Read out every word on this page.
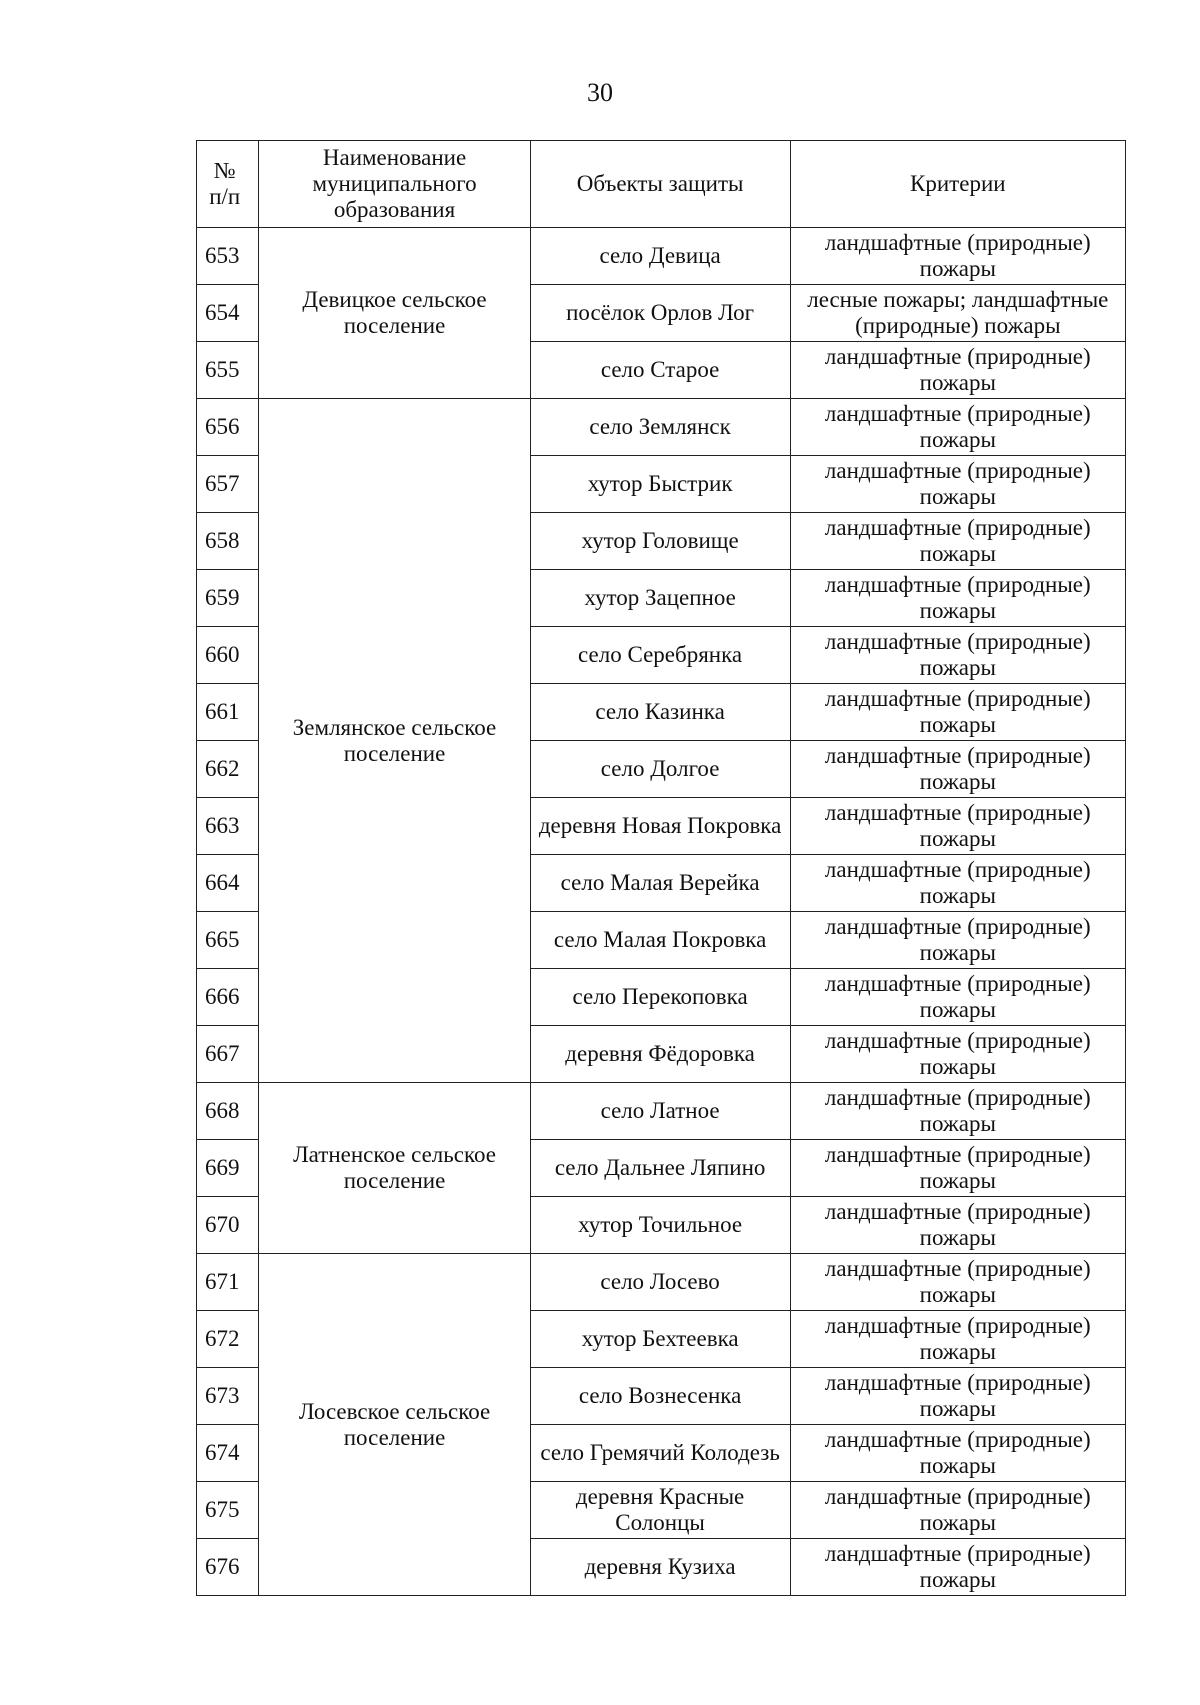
30
№
п/п	Наименование муниципального образования	Объекты защиты	Критерии
653	Девицкое сельское поселение	село Девица	ландшафтные (природные) пожары
654		посёлок Орлов Лог	лесные пожары; ландшафтные (природные) пожары
655		село Старое	ландшафтные (природные) пожары
656	Землянское сельское поселение	село Землянск	ландшафтные (природные) пожары
657		хутор Быстрик	ландшафтные (природные) пожары
658		хутор Головище	ландшафтные (природные) пожары
659		хутор Зацепное	ландшафтные (природные) пожары
660		село Серебрянка	ландшафтные (природные) пожары
661		село Казинка	ландшафтные (природные) пожары
662		село Долгое	ландшафтные (природные) пожары
663		деревня Новая Покровка	ландшафтные (природные) пожары
664		село Малая Верейка	ландшафтные (природные) пожары
665		село Малая Покровка	ландшафтные (природные) пожары
666		село Перекоповка	ландшафтные (природные) пожары
667		деревня Фёдоровка	ландшафтные (природные) пожары
668	Латненское сельское поселение	село Латное	ландшафтные (природные) пожары
669		село Дальнее Ляпино	ландшафтные (природные) пожары
670		хутор Точильное	ландшафтные (природные) пожары
671	Лосевское сельское поселение	село Лосево	ландшафтные (природные) пожары
672		хутор Бехтеевка	ландшафтные (природные) пожары
673		село Вознесенка	ландшафтные (природные) пожары
674		село Гремячий Колодезь	ландшафтные (природные) пожары
675		деревня Красные Солонцы	ландшафтные (природные) пожары
676		деревня Кузиха	ландшафтные (природные) пожары
